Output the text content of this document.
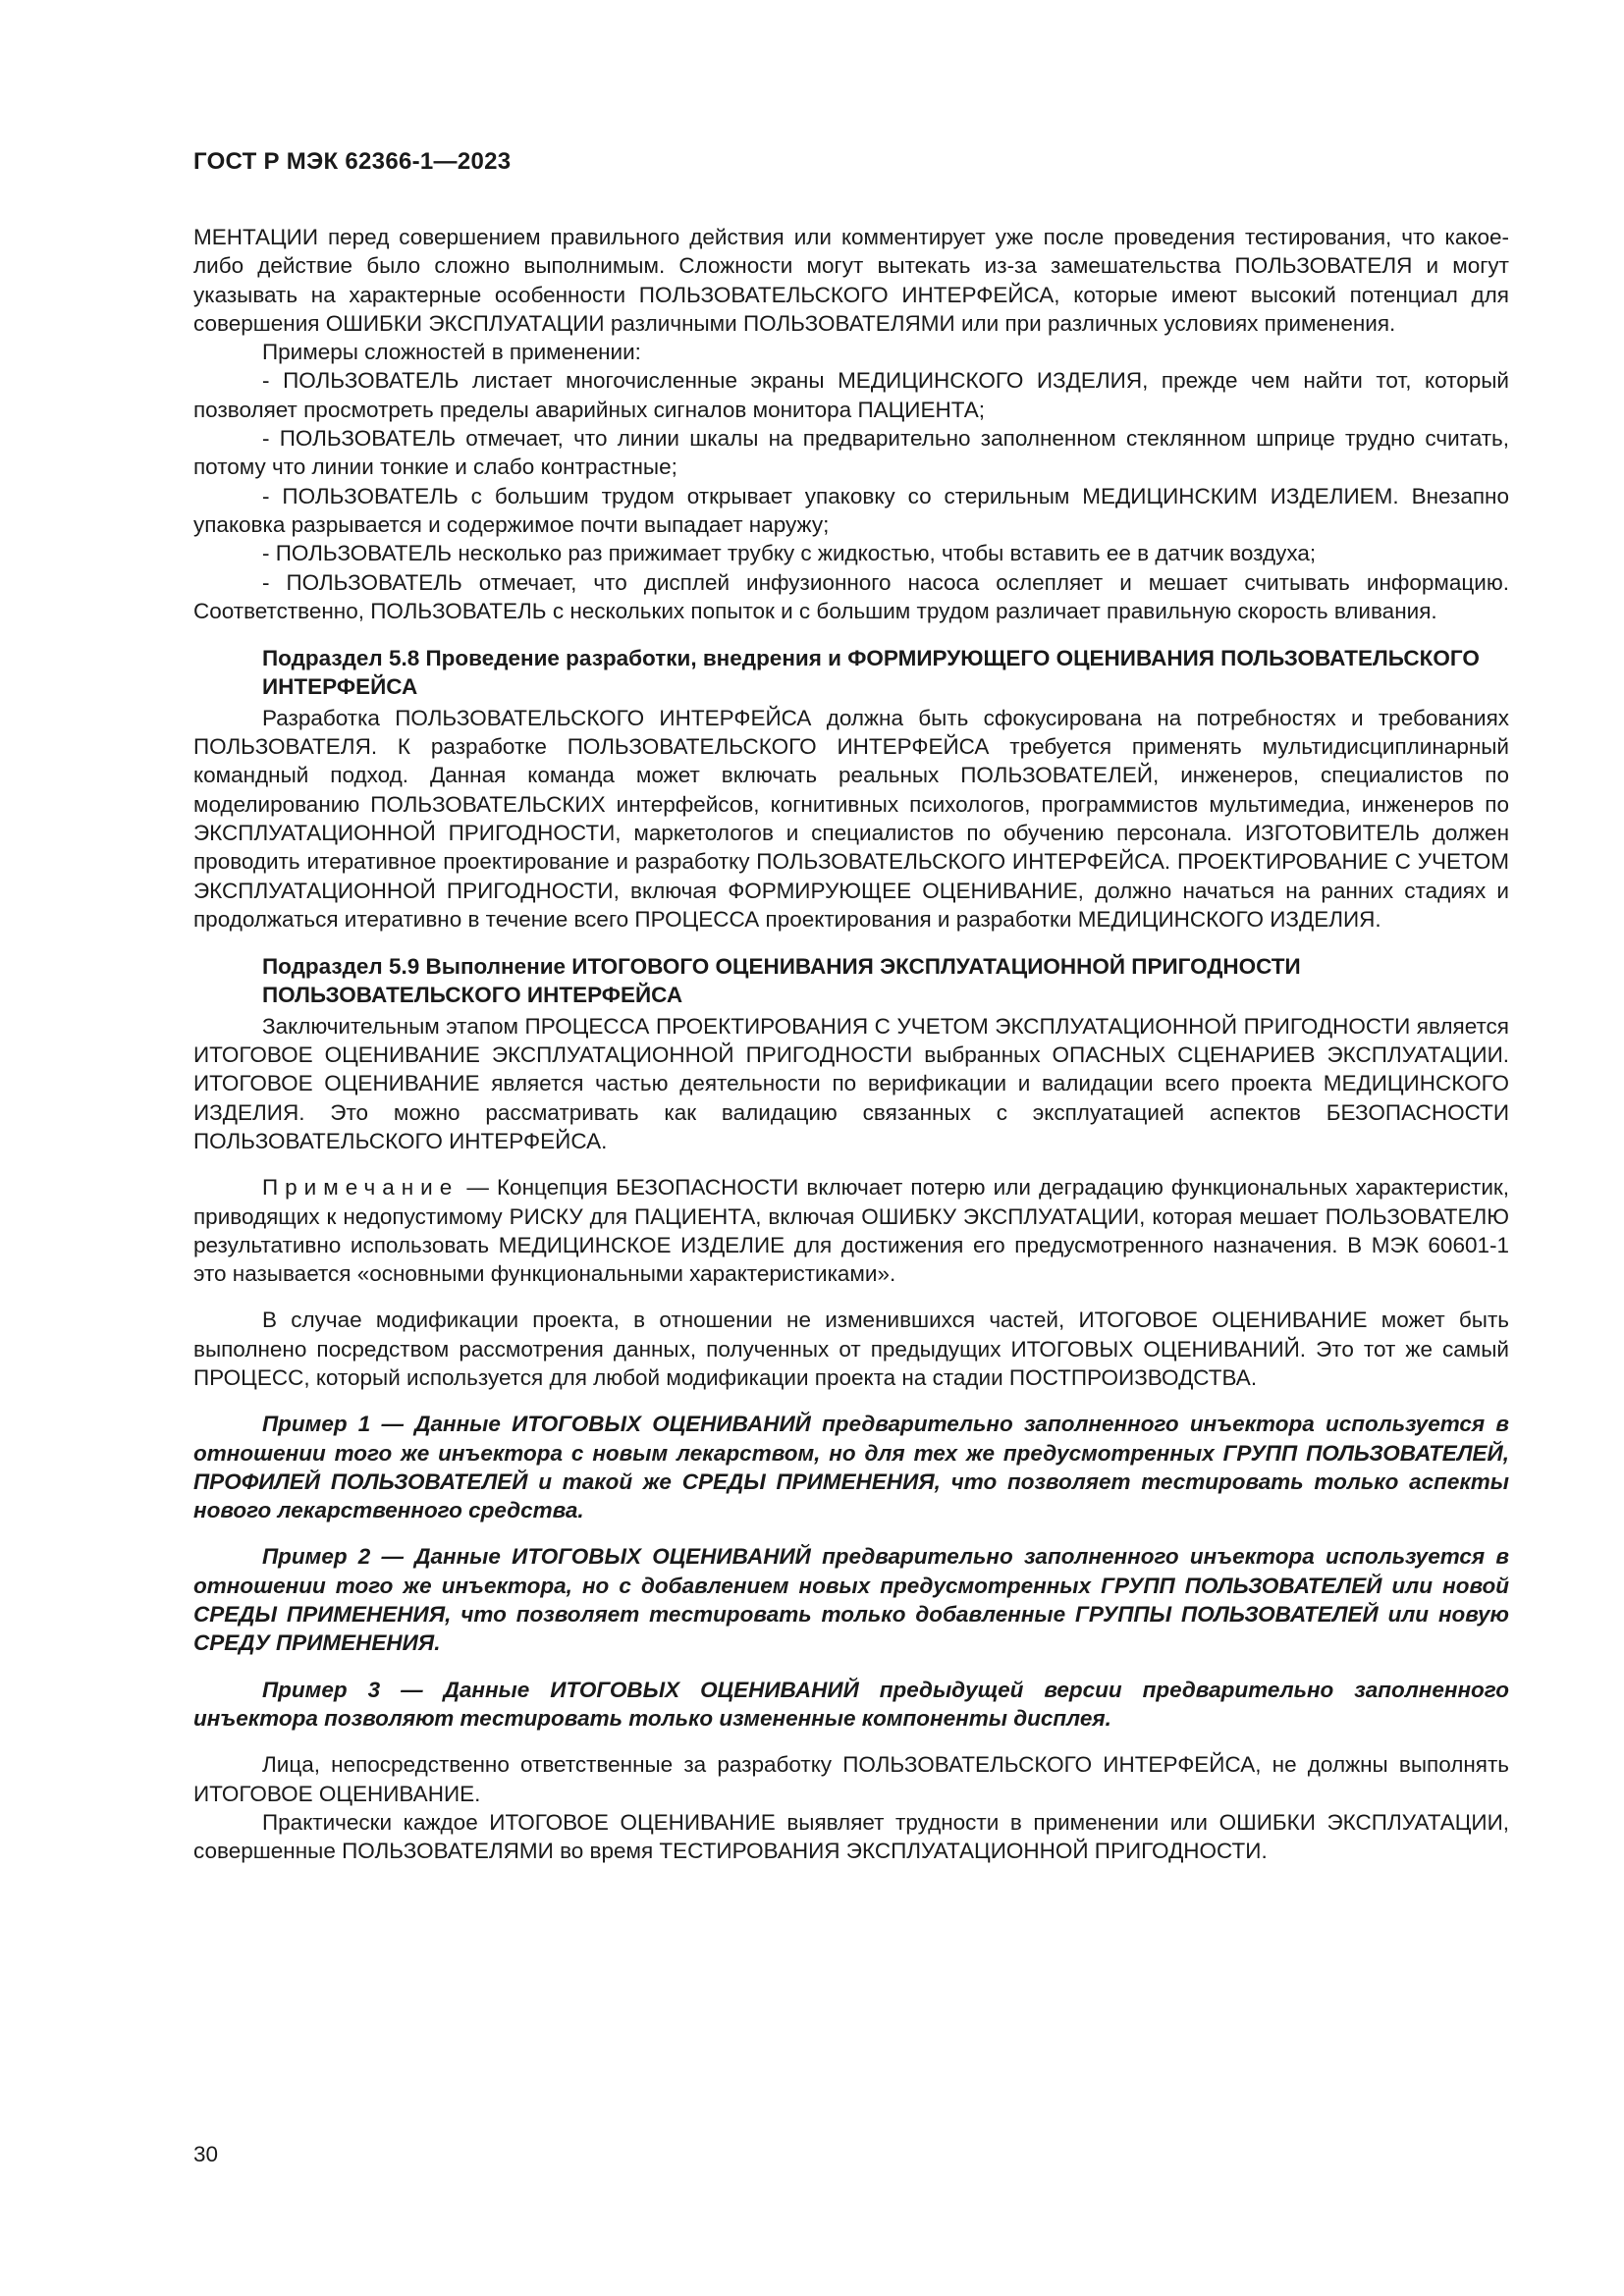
ГОСТ Р МЭК 62366-1—2023

МЕНТАЦИИ перед совершением правильного действия или комментирует уже после проведения тестирования, что какое-либо действие было сложно выполнимым. Сложности могут вытекать из-за замешательства ПОЛЬЗОВАТЕЛЯ и могут указывать на характерные особенности ПОЛЬЗОВАТЕЛЬСКОГО ИНТЕРФЕЙСА, которые имеют высокий потенциал для совершения ОШИБКИ ЭКСПЛУАТАЦИИ различными ПОЛЬЗОВАТЕЛЯМИ или при различных условиях применения.

Примеры сложностей в применении:

- ПОЛЬЗОВАТЕЛЬ листает многочисленные экраны МЕДИЦИНСКОГО ИЗДЕЛИЯ, прежде чем найти тот, который позволяет просмотреть пределы аварийных сигналов монитора ПАЦИЕНТА;

- ПОЛЬЗОВАТЕЛЬ отмечает, что линии шкалы на предварительно заполненном стеклянном шприце трудно считать, потому что линии тонкие и слабо контрастные;

- ПОЛЬЗОВАТЕЛЬ с большим трудом открывает упаковку со стерильным МЕДИЦИНСКИМ ИЗДЕЛИЕМ. Внезапно упаковка разрывается и содержимое почти выпадает наружу;

- ПОЛЬЗОВАТЕЛЬ несколько раз прижимает трубку с жидкостью, чтобы вставить ее в датчик воздуха;

- ПОЛЬЗОВАТЕЛЬ отмечает, что дисплей инфузионного насоса ослепляет и мешает считывать информацию. Соответственно, ПОЛЬЗОВАТЕЛЬ с нескольких попыток и с большим трудом различает правильную скорость вливания.

Подраздел 5.8 Проведение разработки, внедрения и ФОРМИРУЮЩЕГО ОЦЕНИВАНИЯ ПОЛЬЗОВАТЕЛЬСКОГО ИНТЕРФЕЙСА

Разработка ПОЛЬЗОВАТЕЛЬСКОГО ИНТЕРФЕЙСА должна быть сфокусирована на потребностях и требованиях ПОЛЬЗОВАТЕЛЯ. К разработке ПОЛЬЗОВАТЕЛЬСКОГО ИНТЕРФЕЙСА требуется применять мультидисциплинарный командный подход. Данная команда может включать реальных ПОЛЬЗОВАТЕЛЕЙ, инженеров, специалистов по моделированию ПОЛЬЗОВАТЕЛЬСКИХ интерфейсов, когнитивных психологов, программистов мультимедиа, инженеров по ЭКСПЛУАТАЦИОННОЙ ПРИГОДНОСТИ, маркетологов и специалистов по обучению персонала. ИЗГОТОВИТЕЛЬ должен проводить итеративное проектирование и разработку ПОЛЬЗОВАТЕЛЬСКОГО ИНТЕРФЕЙСА. ПРОЕКТИРОВАНИЕ С УЧЕТОМ ЭКСПЛУАТАЦИОННОЙ ПРИГОДНОСТИ, включая ФОРМИРУЮЩЕЕ ОЦЕНИВАНИЕ, должно начаться на ранних стадиях и продолжаться итеративно в течение всего ПРОЦЕССА проектирования и разработки МЕДИЦИНСКОГО ИЗДЕЛИЯ.

Подраздел 5.9 Выполнение ИТОГОВОГО ОЦЕНИВАНИЯ ЭКСПЛУАТАЦИОННОЙ ПРИГОДНОСТИ ПОЛЬЗОВАТЕЛЬСКОГО ИНТЕРФЕЙСА

Заключительным этапом ПРОЦЕССА ПРОЕКТИРОВАНИЯ С УЧЕТОМ ЭКСПЛУАТАЦИОННОЙ ПРИГОДНОСТИ является ИТОГОВОЕ ОЦЕНИВАНИЕ ЭКСПЛУАТАЦИОННОЙ ПРИГОДНОСТИ выбранных ОПАСНЫХ СЦЕНАРИЕВ ЭКСПЛУАТАЦИИ. ИТОГОВОЕ ОЦЕНИВАНИЕ является частью деятельности по верификации и валидации всего проекта МЕДИЦИНСКОГО ИЗДЕЛИЯ. Это можно рассматривать как валидацию связанных с эксплуатацией аспектов БЕЗОПАСНОСТИ ПОЛЬЗОВАТЕЛЬСКОГО ИНТЕРФЕЙСА.

Примечание — Концепция БЕЗОПАСНОСТИ включает потерю или деградацию функциональных характеристик, приводящих к недопустимому РИСКУ для ПАЦИЕНТА, включая ОШИБКУ ЭКСПЛУАТАЦИИ, которая мешает ПОЛЬЗОВАТЕЛЮ результативно использовать МЕДИЦИНСКОЕ ИЗДЕЛИЕ для достижения его предусмотренного назначения. В МЭК 60601-1 это называется «основными функциональными характеристиками».

В случае модификации проекта, в отношении не изменившихся частей, ИТОГОВОЕ ОЦЕНИВАНИЕ может быть выполнено посредством рассмотрения данных, полученных от предыдущих ИТОГОВЫХ ОЦЕНИВАНИЙ. Это тот же самый ПРОЦЕСС, который используется для любой модификации проекта на стадии ПОСТПРОИЗВОДСТВА.

Пример 1 — Данные ИТОГОВЫХ ОЦЕНИВАНИЙ предварительно заполненного инъектора используется в отношении того же инъектора с новым лекарством, но для тех же предусмотренных ГРУПП ПОЛЬЗОВАТЕЛЕЙ, ПРОФИЛЕЙ ПОЛЬЗОВАТЕЛЕЙ и такой же СРЕДЫ ПРИМЕНЕНИЯ, что позволяет тестировать только аспекты нового лекарственного средства.

Пример 2 — Данные ИТОГОВЫХ ОЦЕНИВАНИЙ предварительно заполненного инъектора используется в отношении того же инъектора, но с добавлением новых предусмотренных ГРУПП ПОЛЬЗОВАТЕЛЕЙ или новой СРЕДЫ ПРИМЕНЕНИЯ, что позволяет тестировать только добавленные ГРУППЫ ПОЛЬЗОВАТЕЛЕЙ или новую СРЕДУ ПРИМЕНЕНИЯ.

Пример 3 — Данные ИТОГОВЫХ ОЦЕНИВАНИЙ предыдущей версии предварительно заполненного инъектора позволяют тестировать только измененные компоненты дисплея.

Лица, непосредственно ответственные за разработку ПОЛЬЗОВАТЕЛЬСКОГО ИНТЕРФЕЙСА, не должны выполнять ИТОГОВОЕ ОЦЕНИВАНИЕ.

Практически каждое ИТОГОВОЕ ОЦЕНИВАНИЕ выявляет трудности в применении или ОШИБКИ ЭКСПЛУАТАЦИИ, совершенные ПОЛЬЗОВАТЕЛЯМИ во время ТЕСТИРОВАНИЯ ЭКСПЛУАТАЦИОННОЙ ПРИГОДНОСТИ.

30
